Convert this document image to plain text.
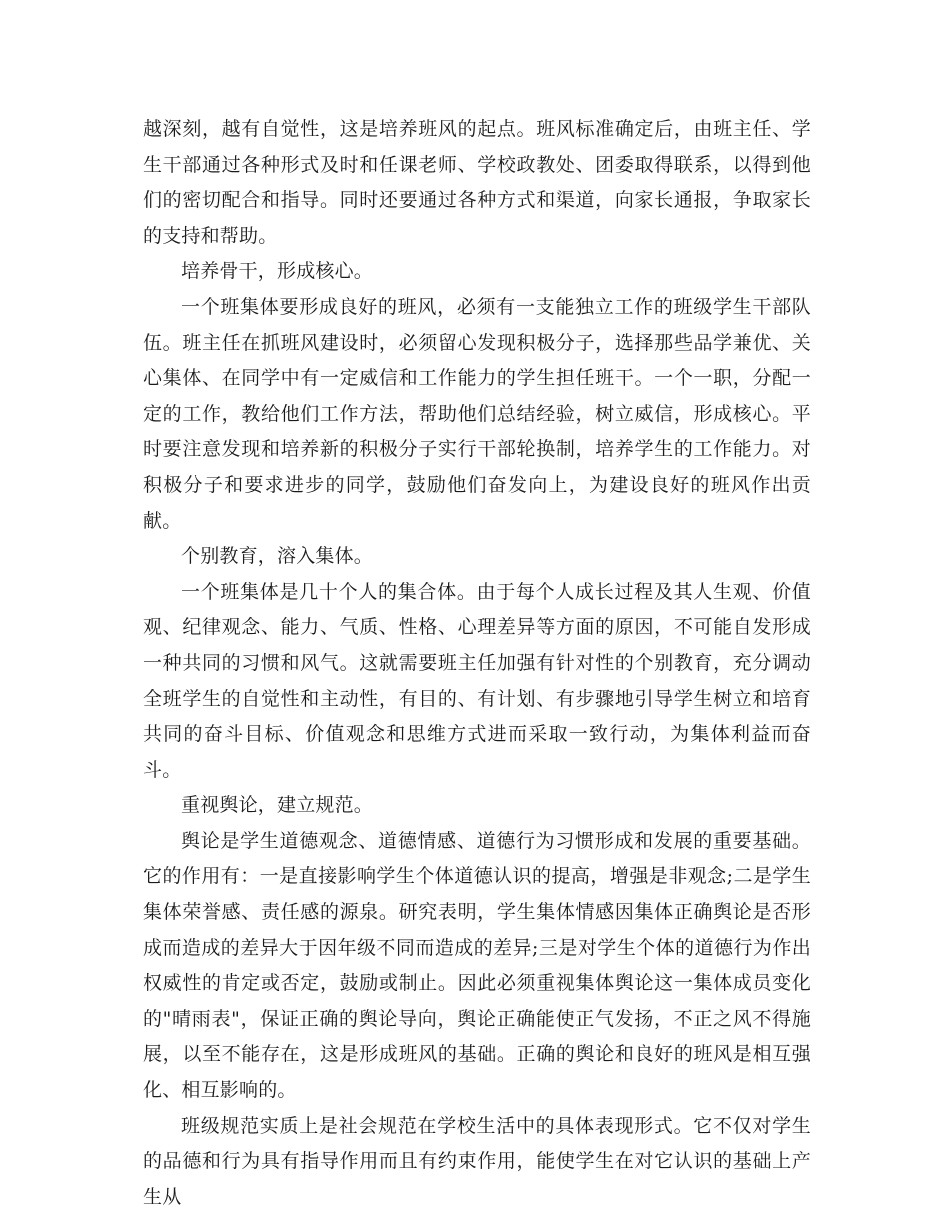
越深刻，越有自觉性，这是培养班风的起点。班风标准确定后，由班主任、学生干部通过各种形式及时和任课老师、学校政教处、团委取得联系，以得到他们的密切配合和指导。同时还要通过各种方式和渠道，向家长通报，争取家长的支持和帮助。

培养骨干，形成核心。

一个班集体要形成良好的班风，必须有一支能独立工作的班级学生干部队伍。班主任在抓班风建设时，必须留心发现积极分子，选择那些品学兼优、关心集体、在同学中有一定威信和工作能力的学生担任班干。一个一职，分配一定的工作，教给他们工作方法，帮助他们总结经验，树立威信，形成核心。平时要注意发现和培养新的积极分子实行干部轮换制，培养学生的工作能力。对积极分子和要求进步的同学，鼓励他们奋发向上，为建设良好的班风作出贡献。

个别教育，溶入集体。

一个班集体是几十个人的集合体。由于每个人成长过程及其人生观、价值观、纪律观念、能力、气质、性格、心理差异等方面的原因，不可能自发形成一种共同的习惯和风气。这就需要班主任加强有针对性的个别教育，充分调动全班学生的自觉性和主动性，有目的、有计划、有步骤地引导学生树立和培育共同的奋斗目标、价值观念和思维方式进而采取一致行动，为集体利益而奋斗。

重视舆论，建立规范。

舆论是学生道德观念、道德情感、道德行为习惯形成和发展的重要基础。它的作用有：一是直接影响学生个体道德认识的提高，增强是非观念;二是学生集体荣誉感、责任感的源泉。研究表明，学生集体情感因集体正确舆论是否形成而造成的差异大于因年级不同而造成的差异;三是对学生个体的道德行为作出权威性的肯定或否定，鼓励或制止。因此必须重视集体舆论这一集体成员变化的"晴雨表"，保证正确的舆论导向，舆论正确能使正气发扬，不正之风不得施展，以至不能存在，这是形成班风的基础。正确的舆论和良好的班风是相互强化、相互影响的。

班级规范实质上是社会规范在学校生活中的具体表现形式。它不仅对学生的品德和行为具有指导作用而且有约束作用，能使学生在对它认识的基础上产生从
